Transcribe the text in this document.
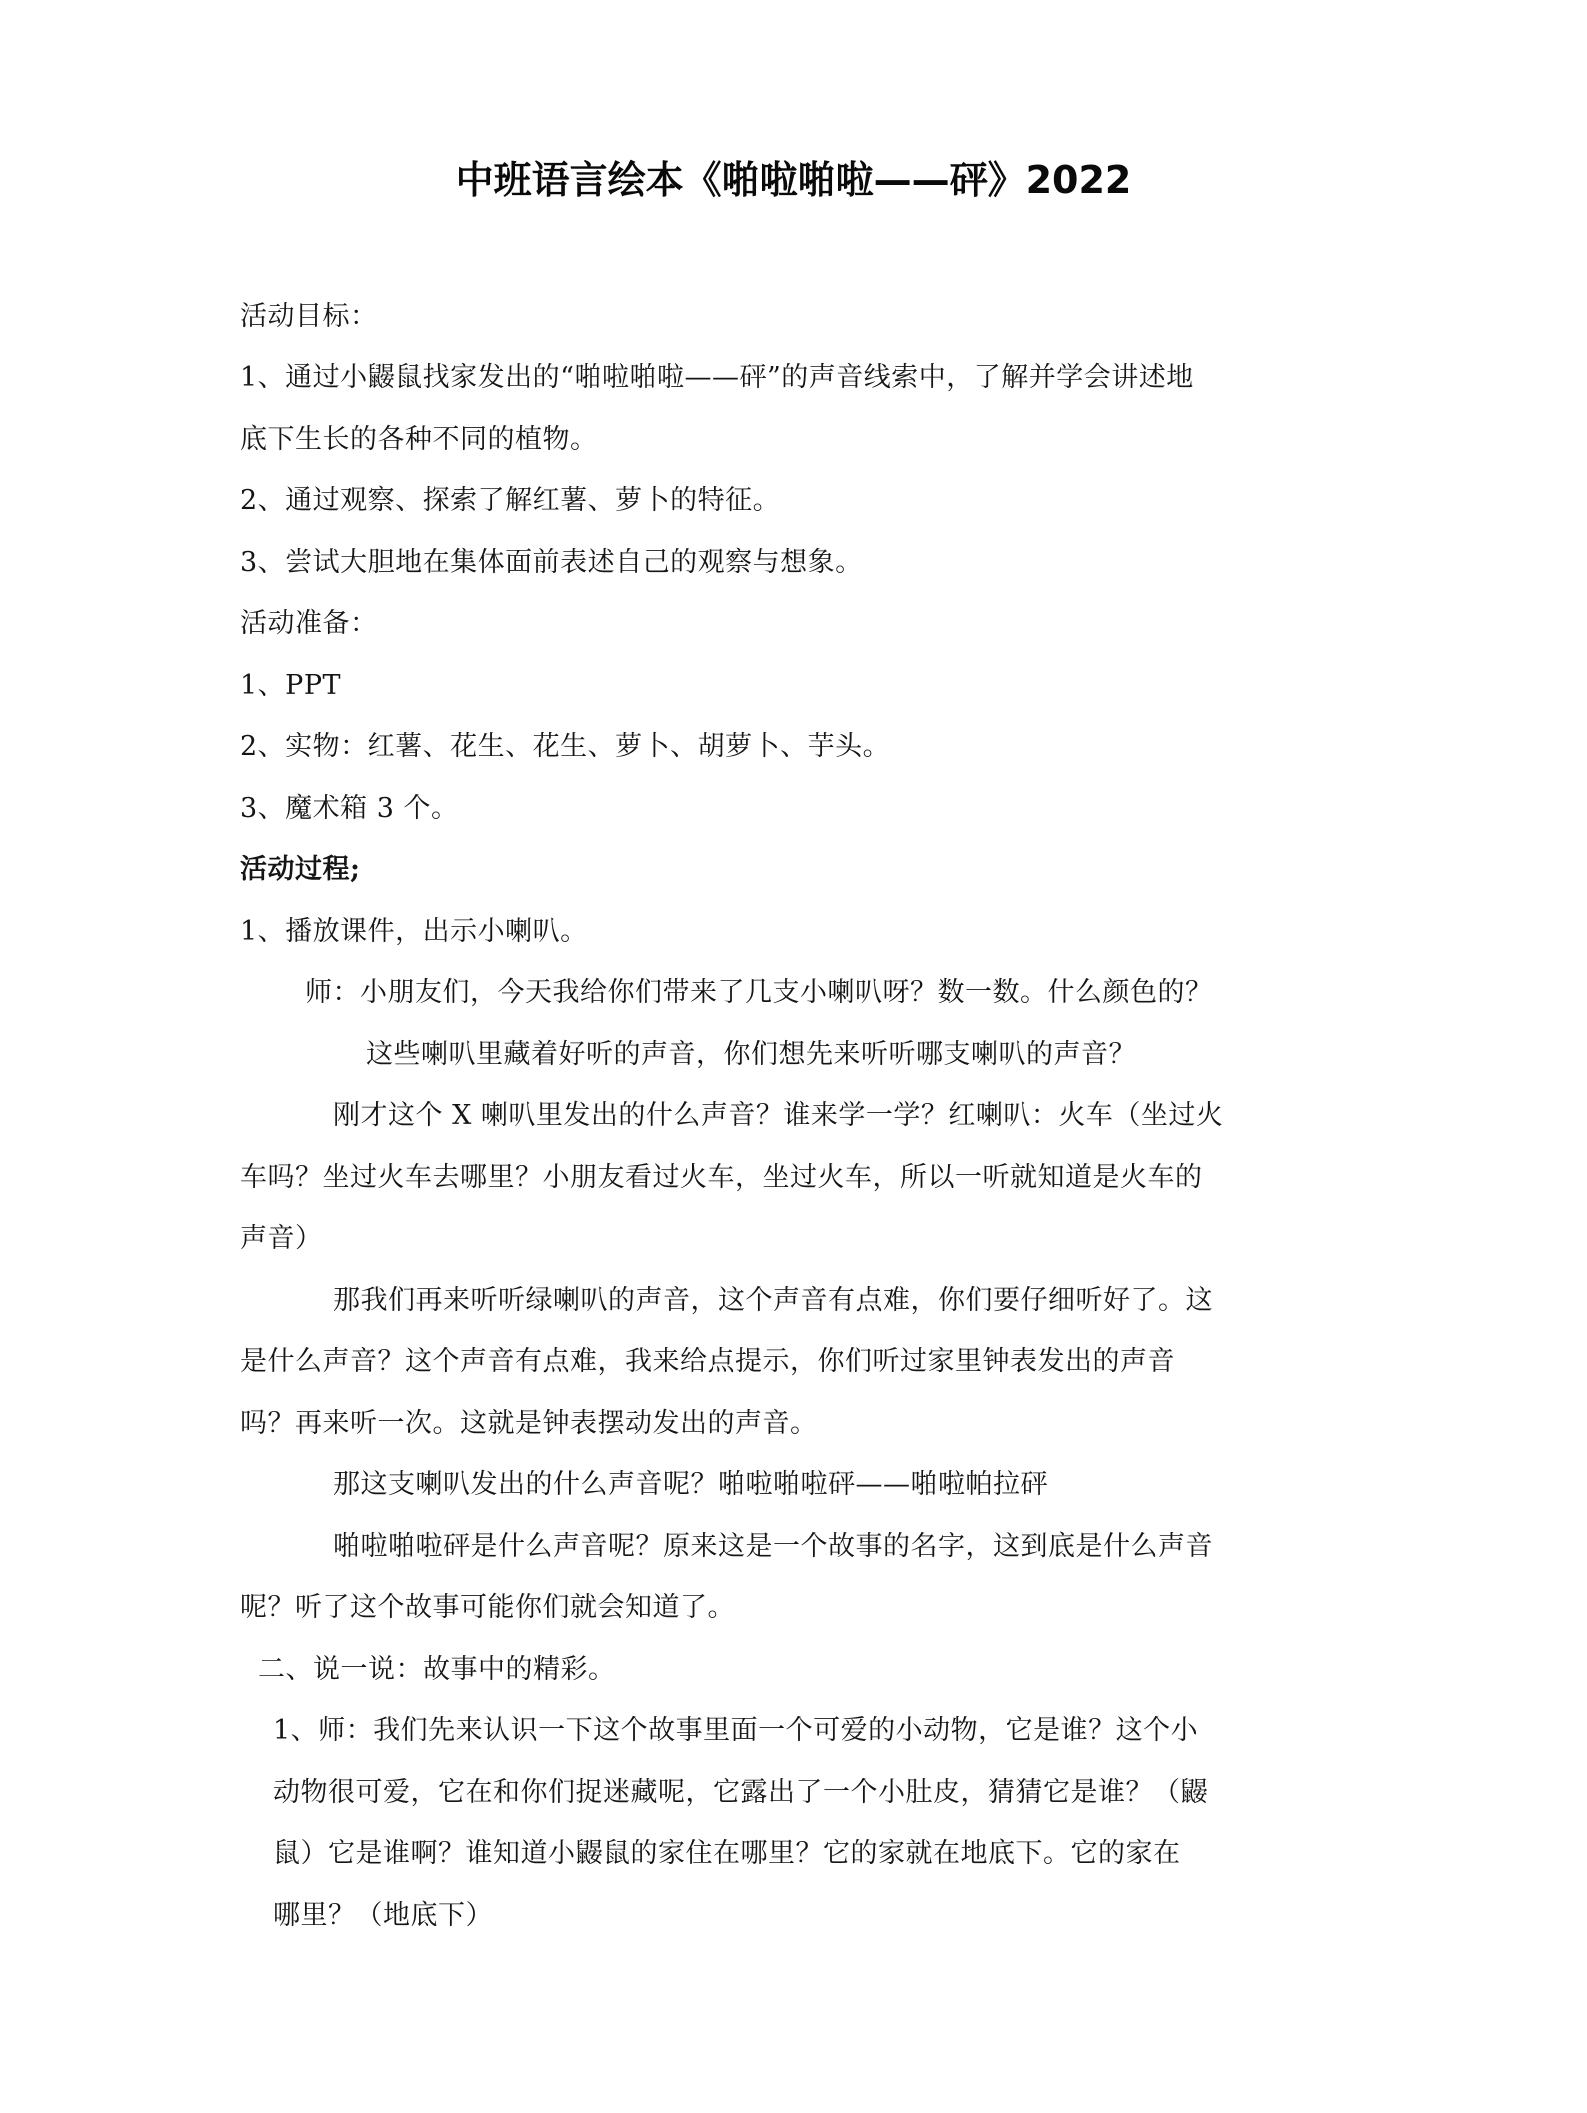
中班语言绘本《啪啦啪啦——砰》2022
活动目标：
1、通过小鼹鼠找家发出的“啪啦啪啦——砰”的声音线索中，了解并学会讲述地
底下生长的各种不同的植物。
2、通过观察、探索了解红薯、萝卜的特征。
3、尝试大胆地在集体面前表述自己的观察与想象。
活动准备：
1、PPT
2、实物：红薯、花生、花生、萝卜、胡萝卜、芋头。
3、魔术箱 3 个。
活动过程;
1、播放课件，出示小喇叭。
师：小朋友们，今天我给你们带来了几支小喇叭呀？数一数。什么颜色的？
这些喇叭里藏着好听的声音，你们想先来听听哪支喇叭的声音？
刚才这个 X 喇叭里发出的什么声音？谁来学一学？红喇叭：火车（坐过火
车吗？坐过火车去哪里？小朋友看过火车，坐过火车，所以一听就知道是火车的
声音）
那我们再来听听绿喇叭的声音，这个声音有点难，你们要仔细听好了。这
是什么声音？这个声音有点难，我来给点提示，你们听过家里钟表发出的声音
吗？再来听一次。这就是钟表摆动发出的声音。
那这支喇叭发出的什么声音呢？啪啦啪啦砰——啪啦帕拉砰
啪啦啪啦砰是什么声音呢？原来这是一个故事的名字，这到底是什么声音
呢？听了这个故事可能你们就会知道了。
二、说一说：故事中的精彩。
1、师：我们先来认识一下这个故事里面一个可爱的小动物，它是谁？这个小
动物很可爱，它在和你们捉迷藏呢，它露出了一个小肚皮，猜猜它是谁？（鼹
鼠）它是谁啊？谁知道小鼹鼠的家住在哪里？它的家就在地底下。它的家在
哪里？（地底下）
